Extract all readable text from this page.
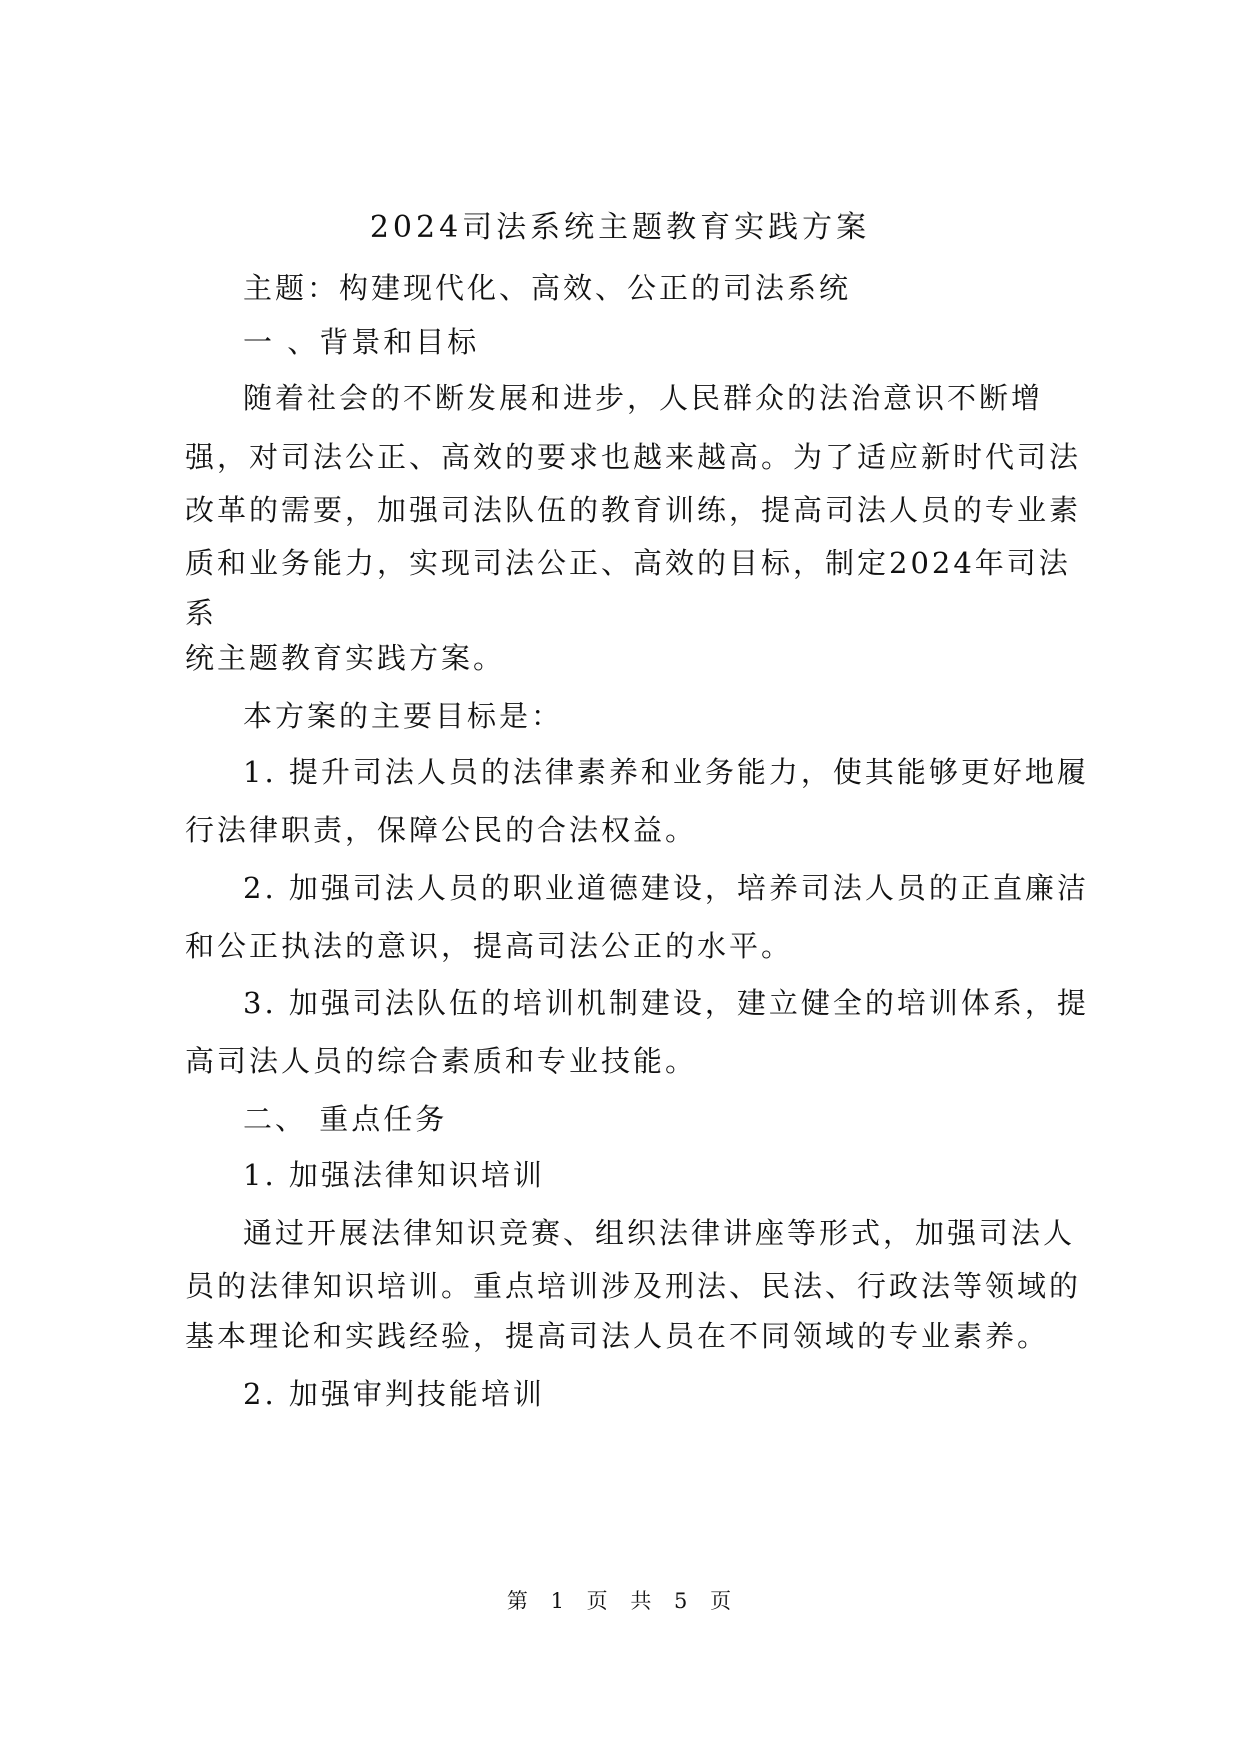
2024司法系统主题教育实践方案
主题：构建现代化、高效、公正的司法系统
一 、背景和目标
随着社会的不断发展和进步，人民群众的法治意识不断增
强，对司法公正、高效的要求也越来越高。为了适应新时代司法
改革的需要，加强司法队伍的教育训练，提高司法人员的专业素
质和业务能力，实现司法公正、高效的目标，制定2024年司法
系
统主题教育实践方案。
本方案的主要目标是：
1. 提升司法人员的法律素养和业务能力，使其能够更好地履
行法律职责，保障公民的合法权益。
2. 加强司法人员的职业道德建设，培养司法人员的正直廉洁
和公正执法的意识，提高司法公正的水平。
3. 加强司法队伍的培训机制建设，建立健全的培训体系，提
高司法人员的综合素质和专业技能。
二、 重点任务
1. 加强法律知识培训
通过开展法律知识竞赛、组织法律讲座等形式，加强司法人
员的法律知识培训。重点培训涉及刑法、民法、行政法等领域的
基本理论和实践经验，提高司法人员在不同领域的专业素养。
2. 加强审判技能培训
第 1 页 共 5 页
